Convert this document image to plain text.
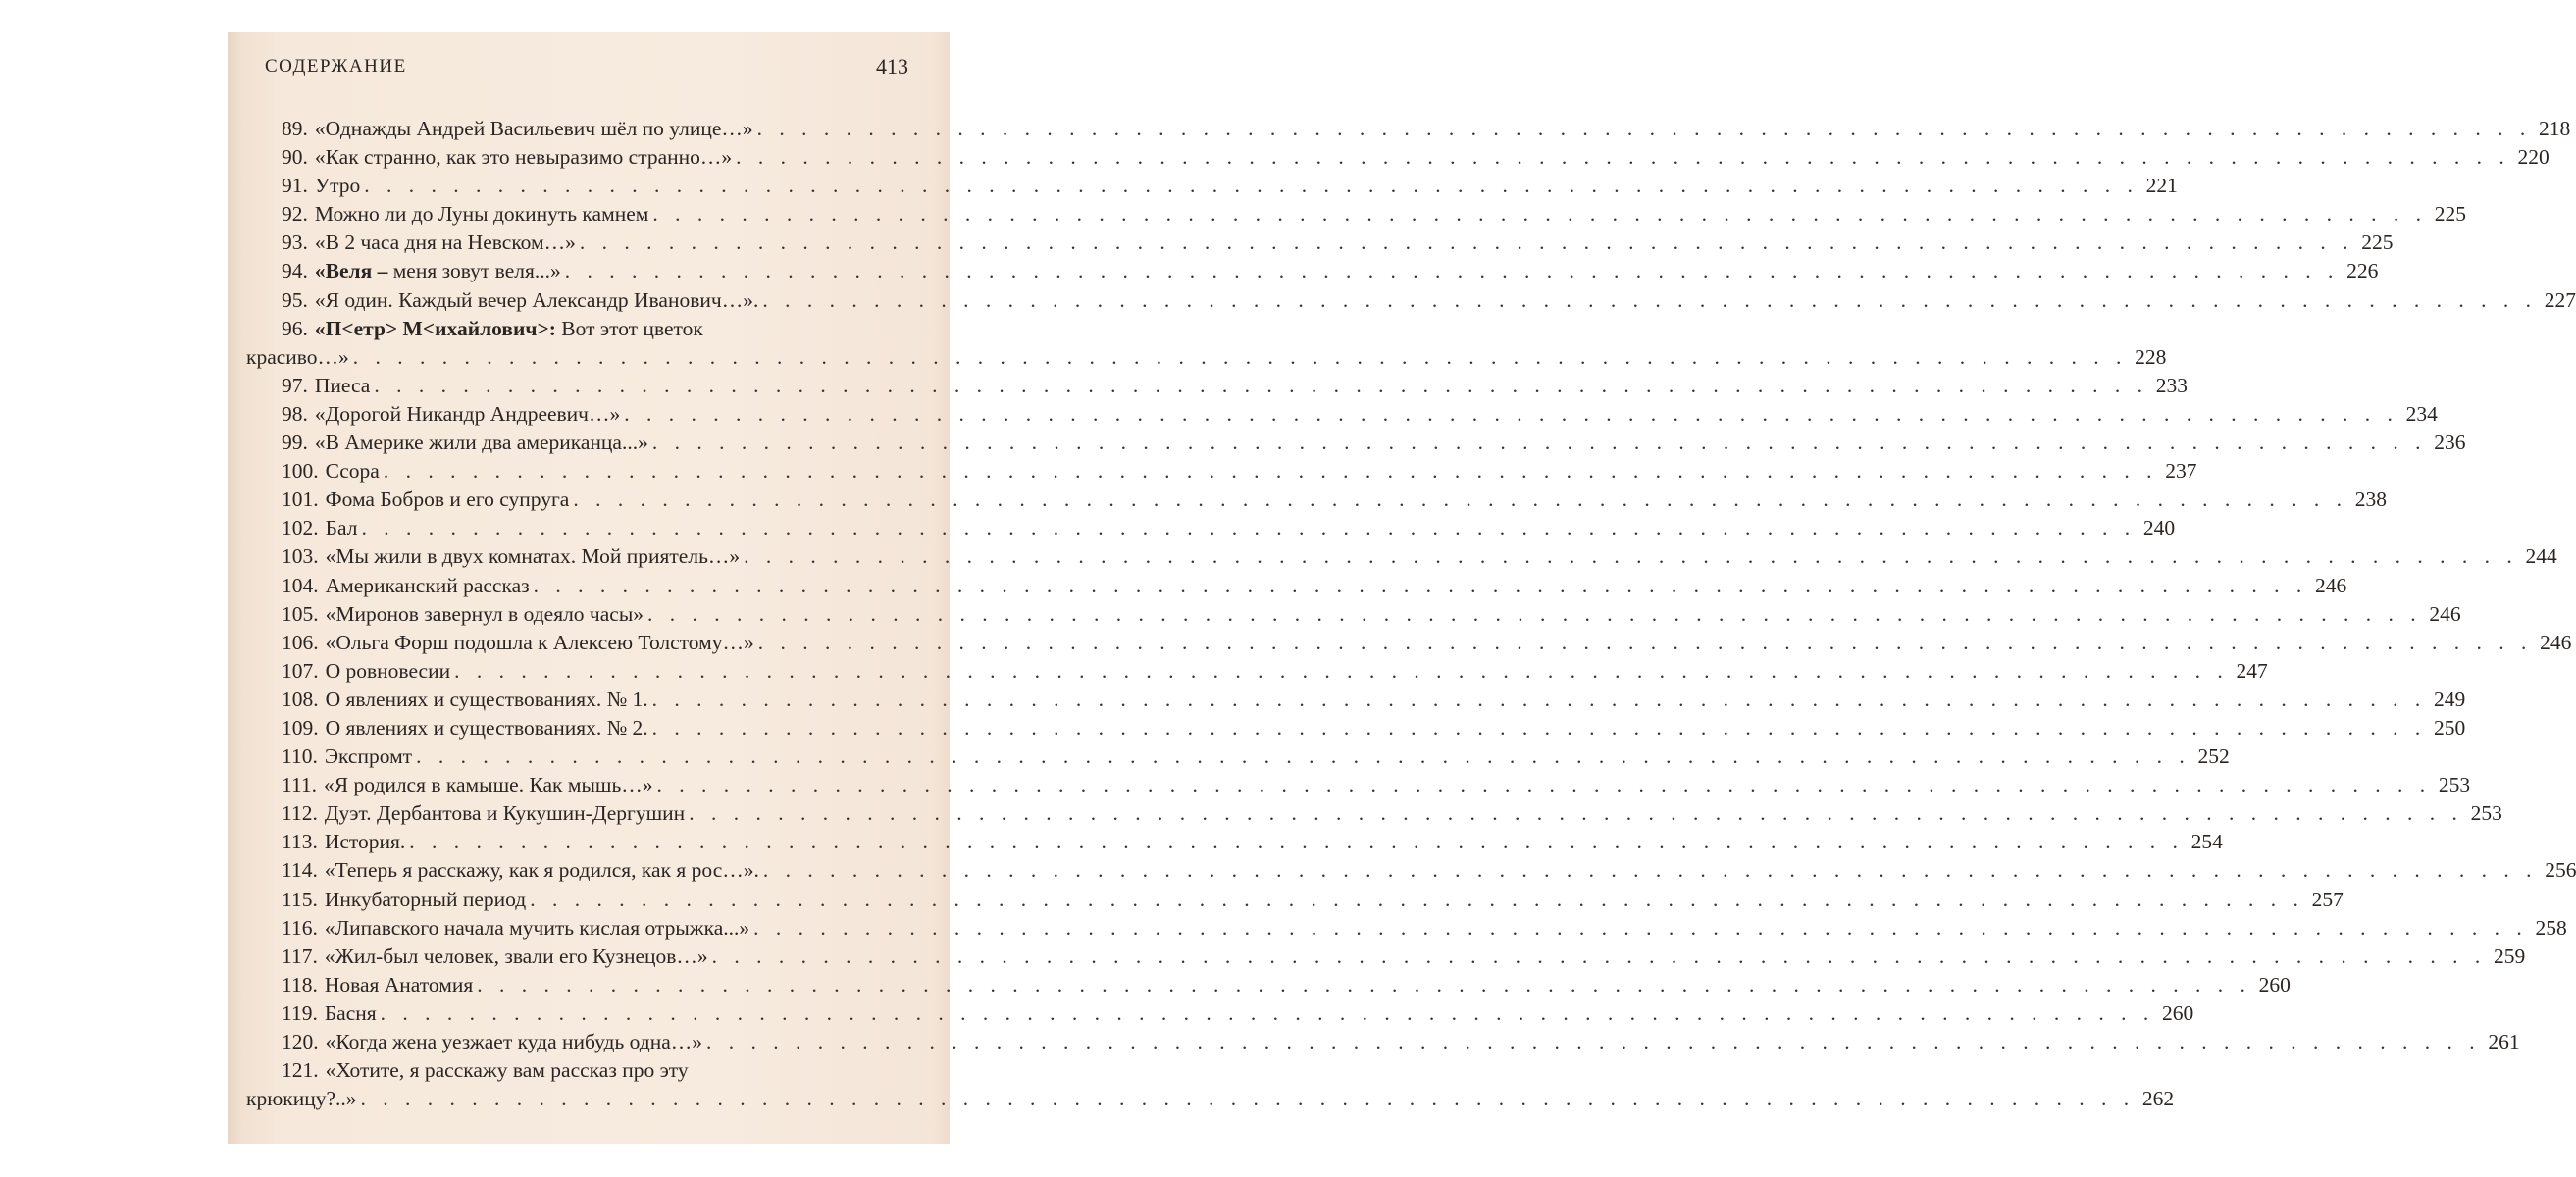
СОДЕРЖАНИЕ	413
89. «Однажды Андрей Васильевич шёл по улице…» . . .	218
90. «Как странно, как это невыразимо странно…» . . .	220
91. Утро . . .	221
92. Можно ли до Луны докинуть камнем . . .	225
93. «В 2 часа дня на Невском…» . . .	225
94. «Веля – меня зовут веля...» . . .	226
95. «Я один. Каждый вечер Александр Иванович…». . . .	227
96. «П<етр> М<ихайлович>: Вот этот цветок
красиво…» . . .	228
97. Пиеса . . .	233
98. «Дорогой Никандр Андреевич…» . . .	234
99. «В Америке жили два американца...» . . .	236
100. Ссора . . .	237
101. Фома Бобров и его супруга . . .	238
102. Бал . . .	240
103. «Мы жили в двух комнатах. Мой приятель…» . . .	244
104. Американский рассказ . . .	246
105. «Миронов завернул в одеяло часы» . . .	246
106. «Ольга Форш подошла к Алексею Толстому…» . . .	246
107. О ровновесии . . .	247
108. О явлениях и существованиях. № 1. . . .	249
109. О явлениях и существованиях. № 2. . . .	250
110. Экспромт . . .	252
111. «Я родился в камыше. Как мышь…» . . .	253
112. Дуэт. Дербантова и Кукушин-Дергушин . . .	253
113. История. . . .	254
114. «Теперь я расскажу, как я родился, как я рос…». . . .	256
115. Инкубаторный период . . .	257
116. «Липавского начала мучить кислая отрыжка...» . . .	258
117. «Жил-был человек, звали его Кузнецов…» . . .	259
118. Новая Анатомия . . .	260
119. Басня . . .	260
120. «Когда жена уезжает куда нибудь одна…» . . .	261
121. «Хотите, я расскажу вам рассказ про эту
крюкицу?..» . . .	262
